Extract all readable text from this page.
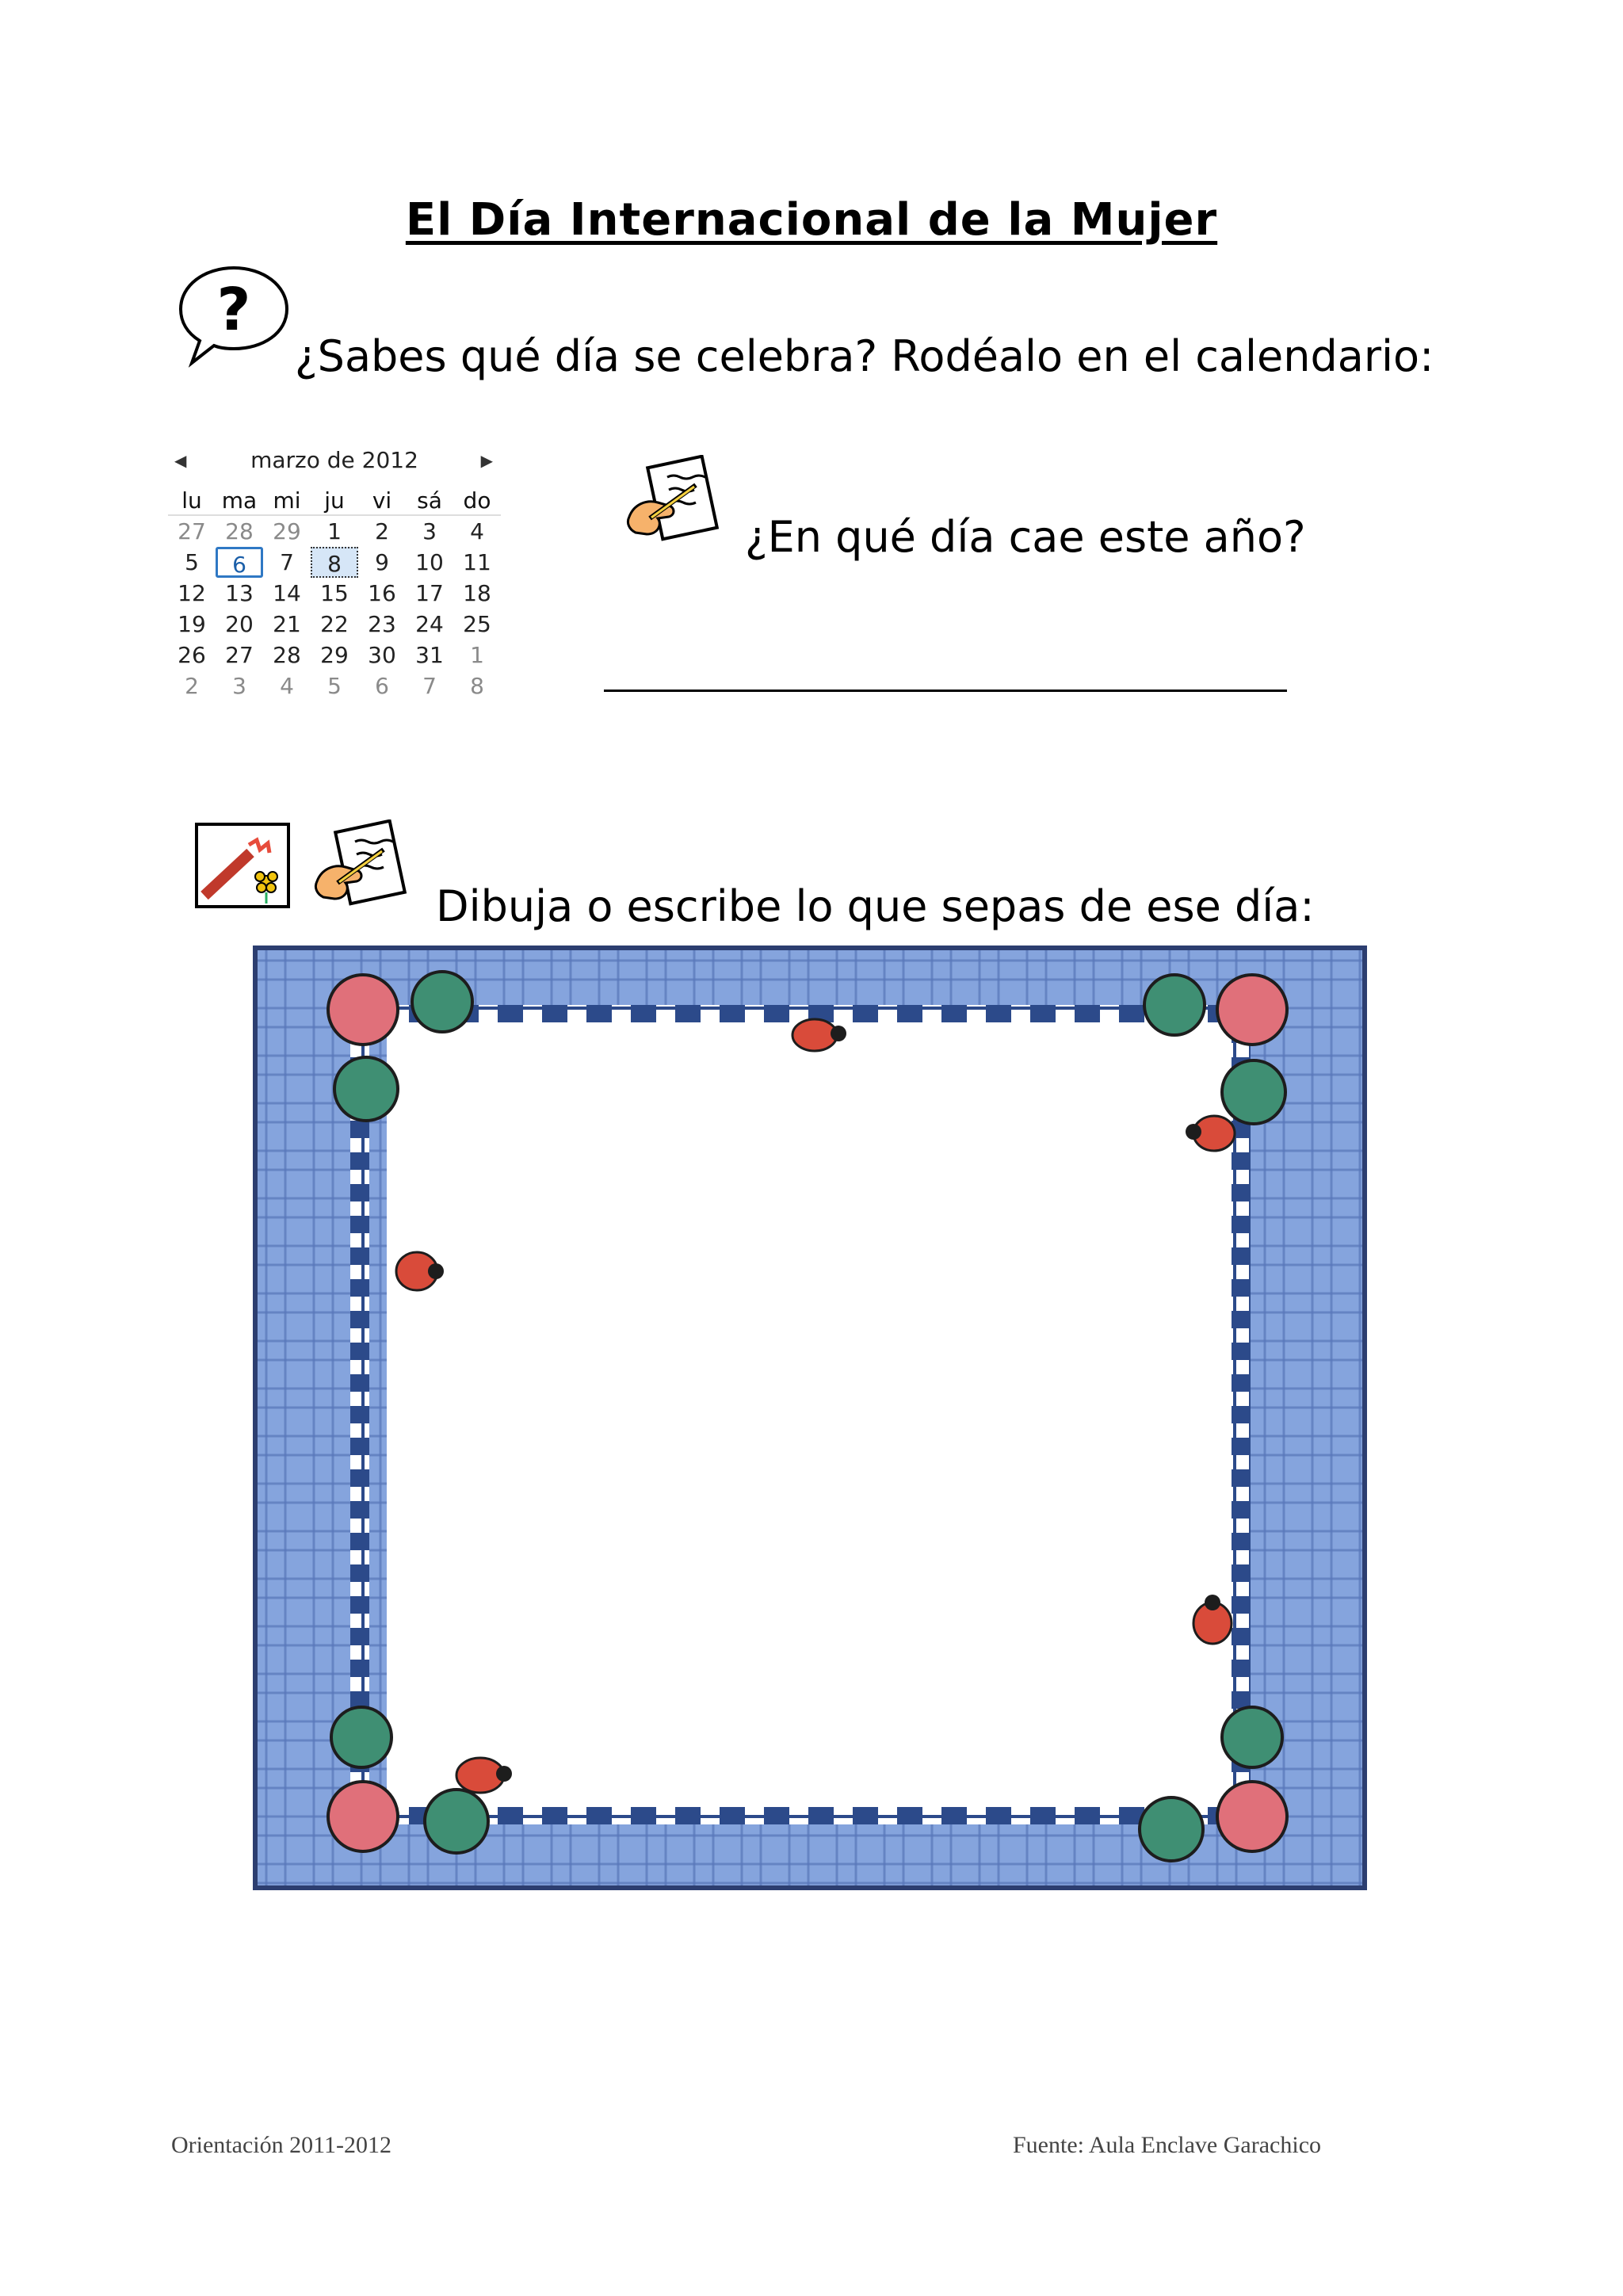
El Día Internacional de la Mujer
?
¿Sabes qué día se celebra? Rodéalo en el calendario:
◀	marzo de 2012	▶
lu ma mi	ju	vi	sá do
27 28 29	1	2	3	4
5	6	7	8	9	10 11
12 13 14 15 16 17 18
19 20 21 22 23 24 25
26 27 28 29 30 31	1
2	3	4	5	6	7	8
¿En qué día cae este año?
Dibuja o escribe lo que sepas de ese día:
Orientación 2011-2012	Fuente: Aula Enclave Garachico
